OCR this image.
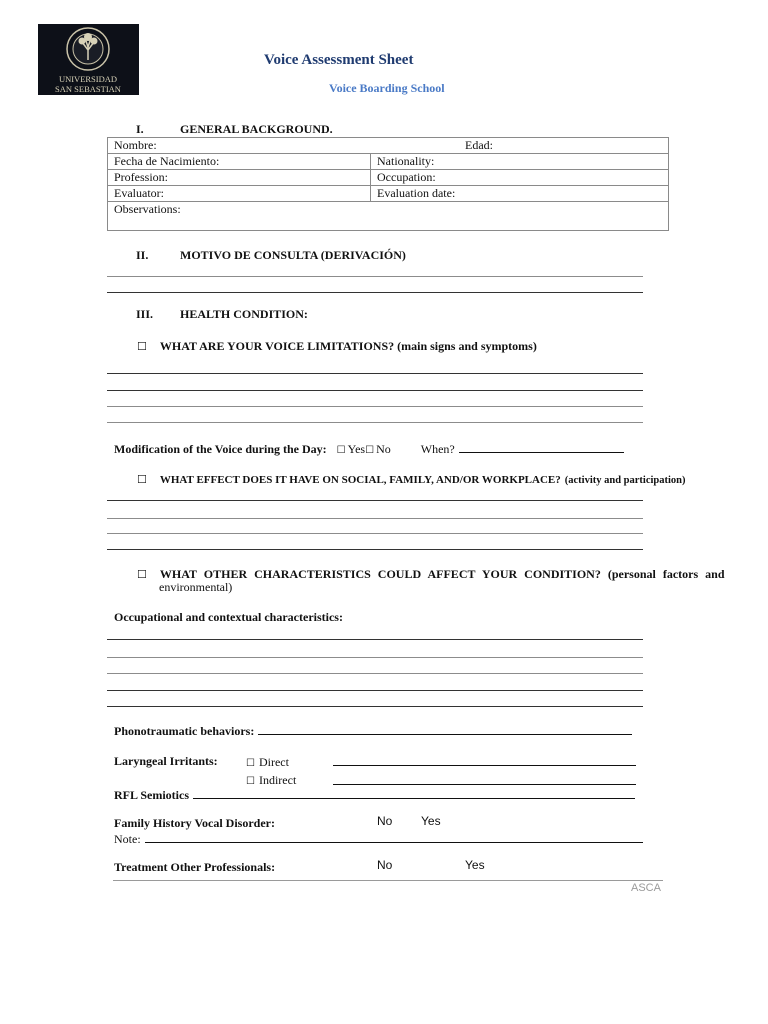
UNIVERSIDAD
SAN SEBASTIAN
Voice Assessment Sheet
Voice Boarding School
I.	GENERAL BACKGROUND.
Nombre: Edad:	

Fecha de Nacimiento:	Nationality:
Profession:	Occupation:
Evaluator:	Evaluation date:
Observations:	
II.	MOTIVO DE CONSULTA (DERIVACIÓN)
III. HEALTH CONDITION:
☐ WHAT ARE YOUR VOICE LIMITATIONS? (main signs and symptoms)
Modification of the Voice during the Day: ☐ Yes☐ No	When?
☐ WHAT EFFECT DOES IT HAVE ON SOCIAL, FAMILY, AND/OR WORKPLACE? (activity and participation)
☐ WHAT OTHER CHARACTERISTICS COULD AFFECT YOUR CONDITION? (personal factors and
environmental)
Occupational and contextual characteristics:
Phonotraumatic behaviors:
Laryngeal Irritants:	☐ Direct
☐ Indirect
RFL Semiotics
Family History Vocal Disorder:	No Yes
Note:
Treatment Other Professionals:	No	Yes
ASCA
